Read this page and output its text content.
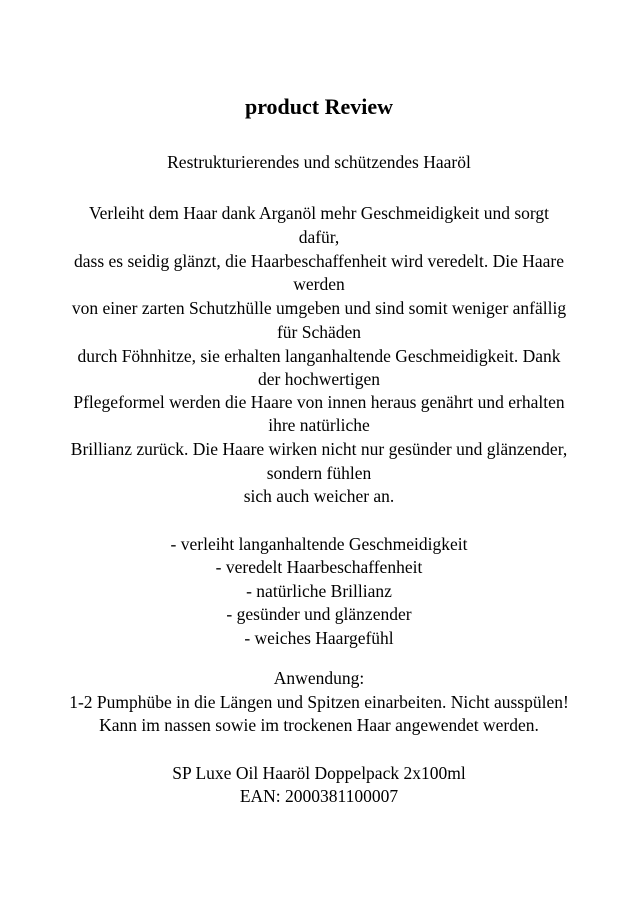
product Review
Restrukturierendes und schützendes Haaröl
Verleiht dem Haar dank Arganöl mehr Geschmeidigkeit und sorgt
dafür,
dass es seidig glänzt, die Haarbeschaffenheit wird veredelt. Die Haare
werden
von einer zarten Schutzhülle umgeben und sind somit weniger anfällig
für Schäden
durch Föhnhitze, sie erhalten langanhaltende Geschmeidigkeit. Dank
der hochwertigen
Pflegeformel werden die Haare von innen heraus genährt und erhalten
ihre natürliche
Brillianz zurück. Die Haare wirken nicht nur gesünder und glänzender,
sondern fühlen
sich auch weicher an.
- verleiht langanhaltende Geschmeidigkeit
- veredelt Haarbeschaffenheit
- natürliche Brillianz
- gesünder und glänzender
- weiches Haargefühl
Anwendung:
1-2 Pumphübe in die Längen und Spitzen einarbeiten. Nicht ausspülen!
Kann im nassen sowie im trockenen Haar angewendet werden.
SP Luxe Oil Haaröl Doppelpack 2x100ml
EAN: 2000381100007
